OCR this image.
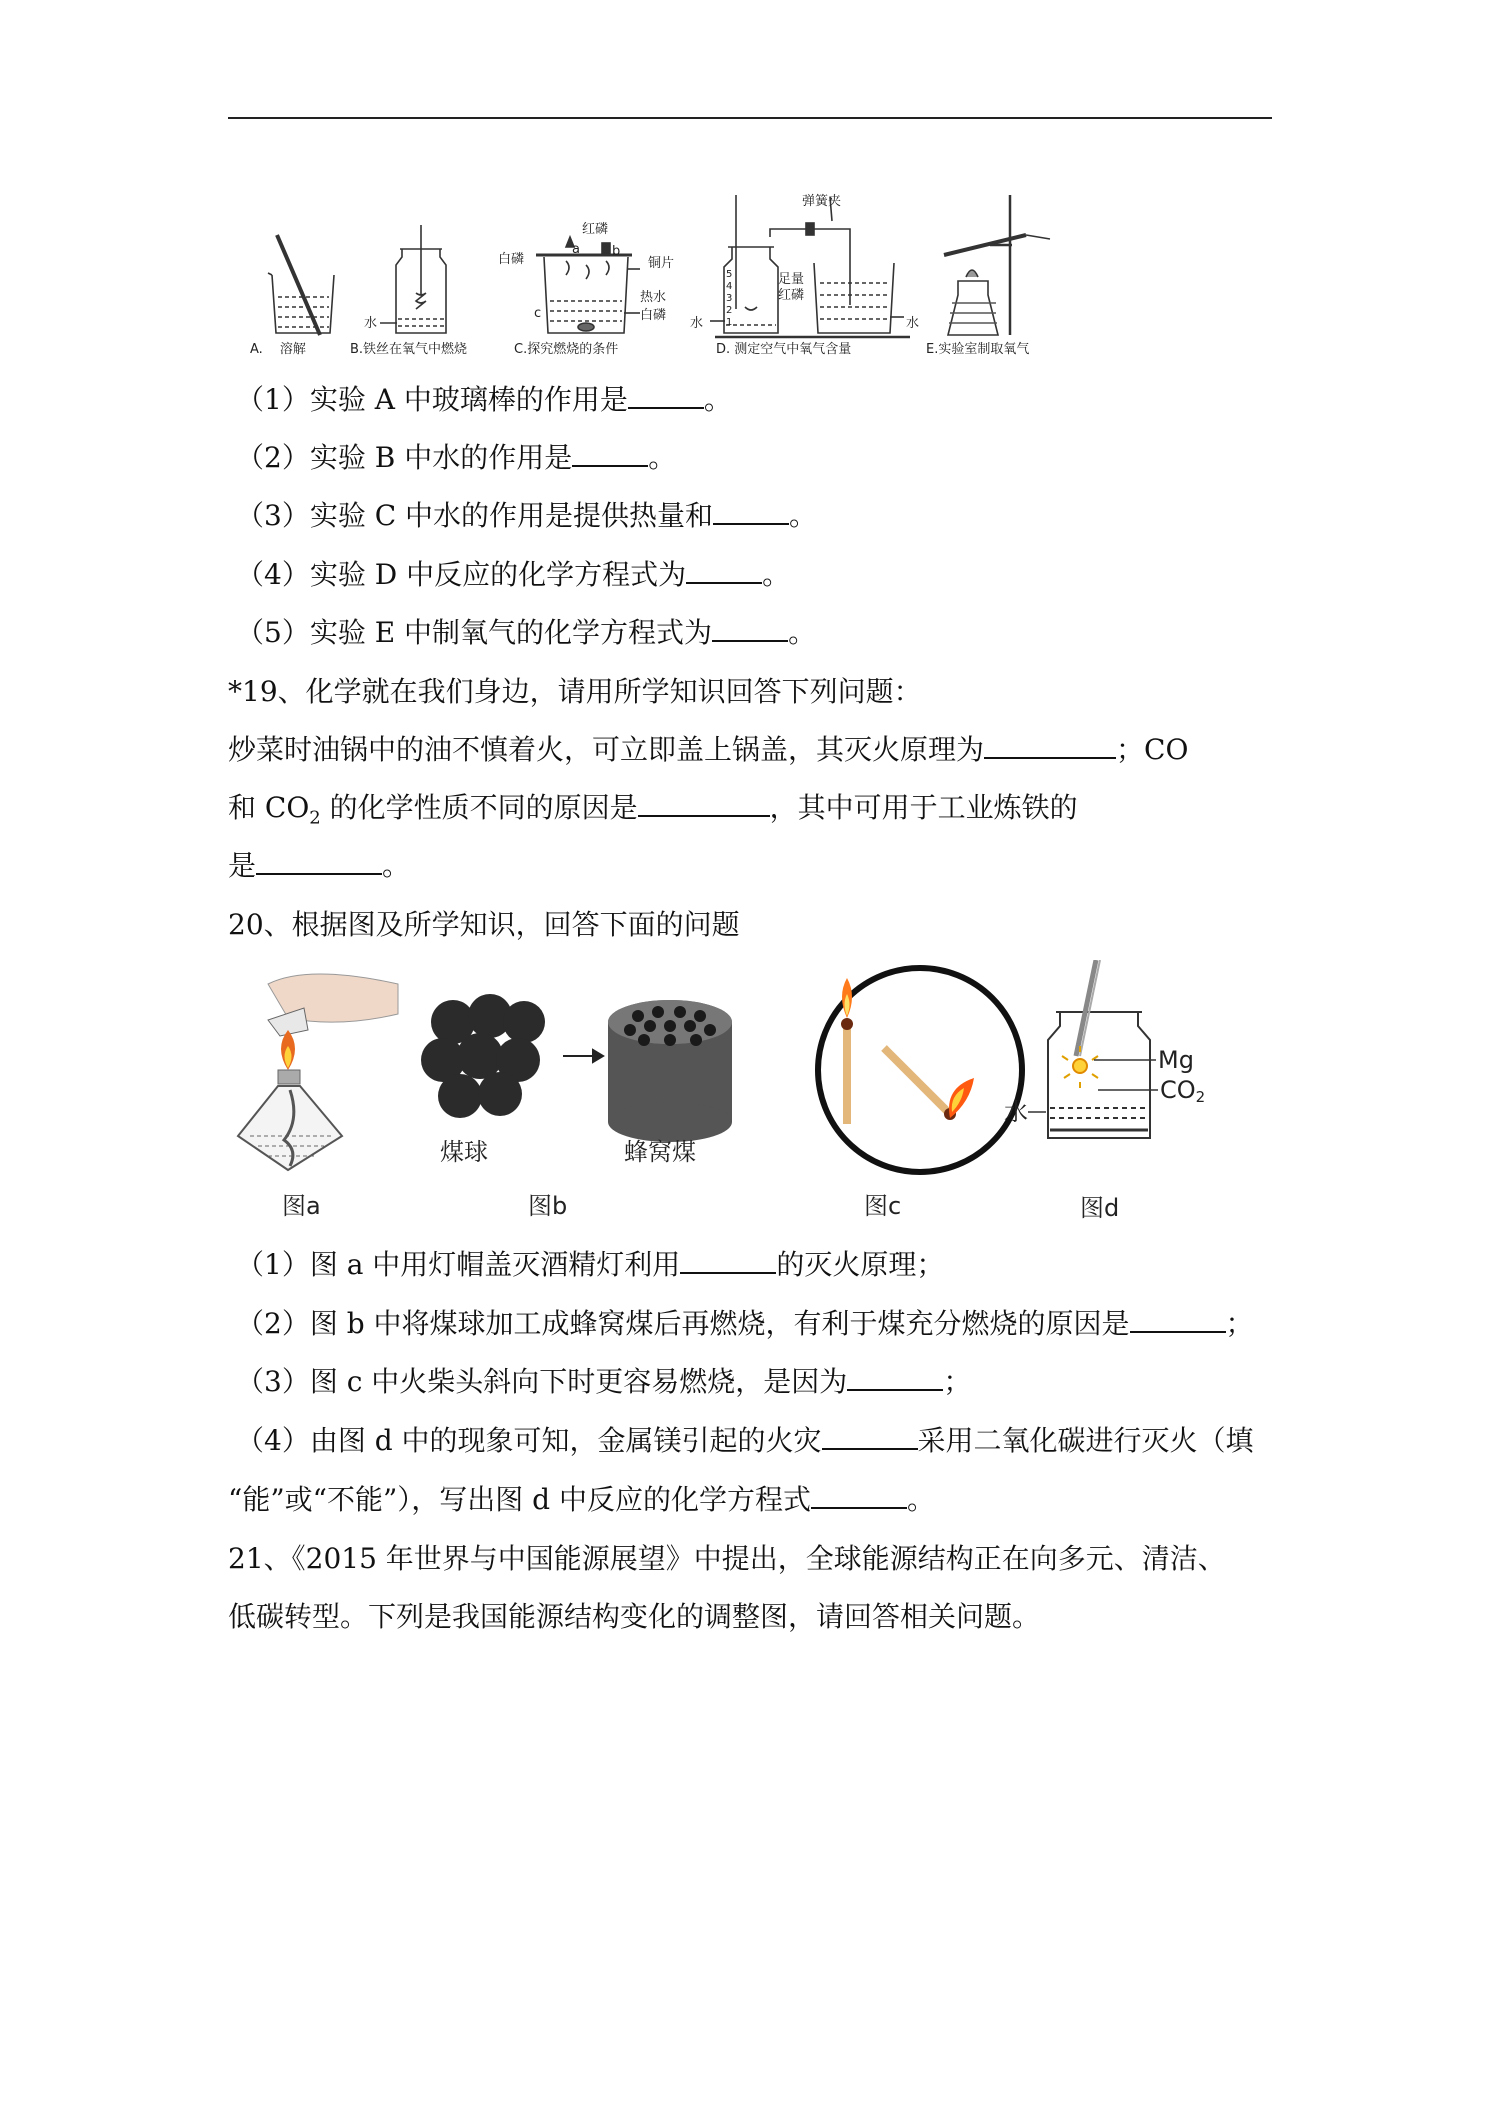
水
白磷
a
红磷
b
铜片
热水
c	白磷
5
4
3
2
1
弹簧夹
足量
红磷
水	水
A.　 溶解	B.铁丝在氧气中燃烧	C.探究燃烧的条件	D. 测定空气中氧气含量	E.实验室制取氧气
（1）实验 A 中玻璃棒的作用是	。
（2）实验 B 中水的作用是	。
（3）实验 C 中水的作用是提供热量和	。
（4）实验 D 中反应的化学方程式为	。
（5）实验 E 中制氧气的化学方程式为	。
*19、化学就在我们身边，请用所学知识回答下列问题：
炒菜时油锅中的油不慎着火，可立即盖上锅盖，其灭火原理为	；CO
和 $CO_2$ 的化学性质不同的原因是	，其中可用于工业炼铁的
是	。
20、根据图及所学知识，回答下面的问题
煤球	蜂窝煤
Mg
CO2
水
图a	图b	图c	图d
（1）图 a 中用灯帽盖灭酒精灯利用	的灭火原理；
（2）图 b 中将煤球加工成蜂窝煤后再燃烧，有利于煤充分燃烧的原因是	；
（3）图 c 中火柴头斜向下时更容易燃烧，是因为	；
（4）由图 d 中的现象可知，金属镁引起的火灾	采用二氧化碳进行灭火（填
“能”或“不能”），写出图 d 中反应的化学方程式	。
21、《2015 年世界与中国能源展望》中提出，全球能源结构正在向多元、清洁、
低碳转型。下列是我国能源结构变化的调整图，请回答相关问题。
